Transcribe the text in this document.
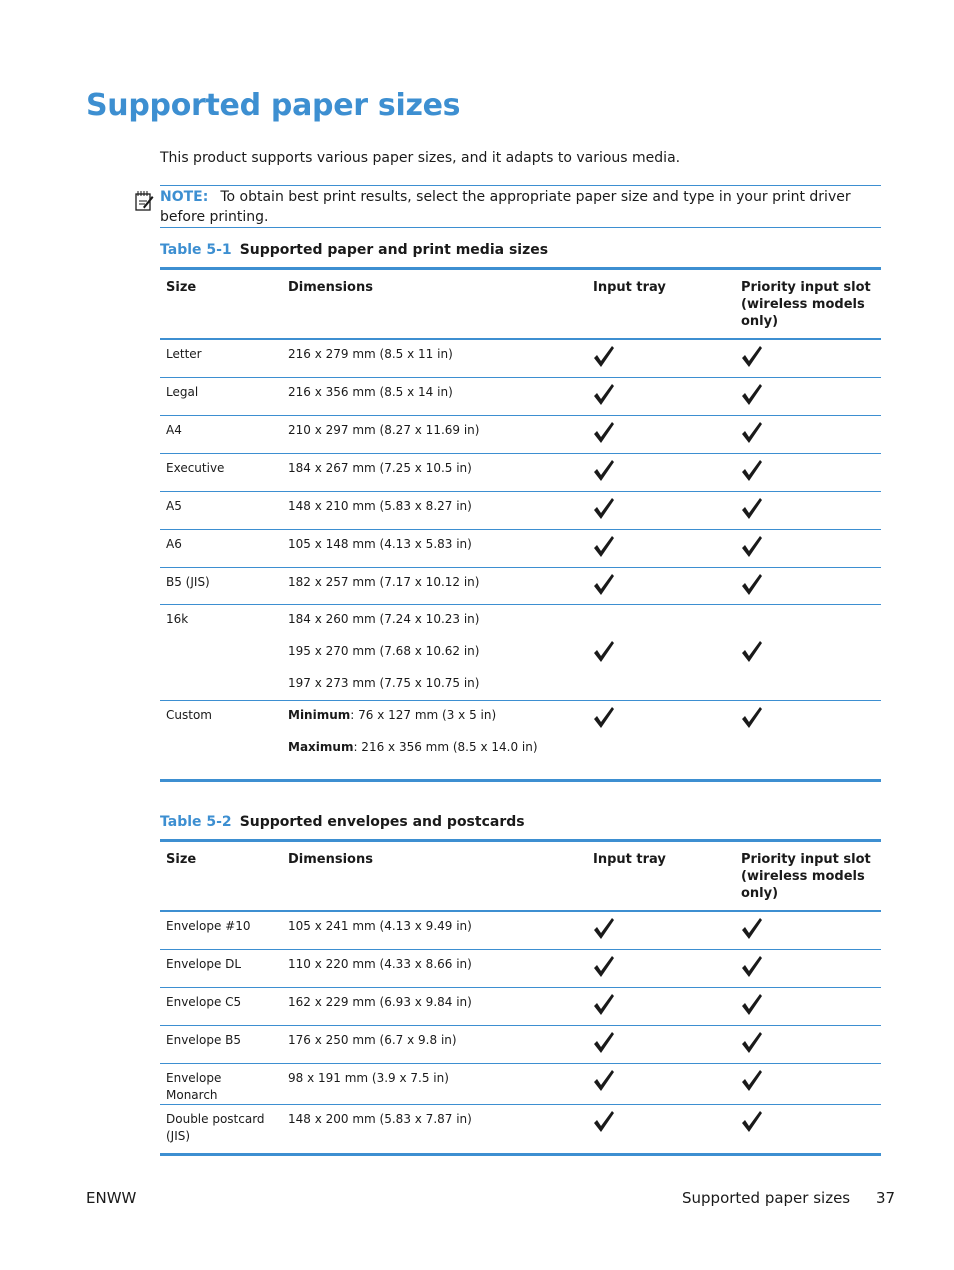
Supported paper sizes

This product supports various paper sizes, and it adapts to various media.

NOTE: To obtain best print results, select the appropriate paper size and type in your print driver before printing.
Table 5-1 Supported paper and print media sizes
Size	Dimensions	Input tray	Priority input slot (wireless models only)
Letter	216 x 279 mm (8.5 x 11 in)

Legal	216 x 356 mm (8.5 x 14 in)

A4	210 x 297 mm (8.27 x 11.69 in)

Executive	184 x 267 mm (7.25 x 10.5 in)

A5	148 x 210 mm (5.83 x 8.27 in)

A6	105 x 148 mm (4.13 x 5.83 in)

B5 (JIS)	182 x 257 mm (7.17 x 10.12 in)

16k	184 x 260 mm (7.24 x 10.23 in)
195 x 270 mm (7.68 x 10.62 in)
197 x 273 mm (7.75 x 10.75 in)

Custom	Minimum: 76 x 127 mm (3 x 5 in)
Maximum: 216 x 356 mm (8.5 x 14.0 in)

Table 5-2 Supported envelopes and postcards
Size	Dimensions	Input tray	Priority input slot (wireless models only)
Envelope #10	105 x 241 mm (4.13 x 9.49 in)

Envelope DL	110 x 220 mm (4.33 x 8.66 in)

Envelope C5	162 x 229 mm (6.93 x 9.84 in)

Envelope B5	176 x 250 mm (6.7 x 9.8 in)

Envelope Monarch	98 x 191 mm (3.9 x 7.5 in)

Double postcard (JIS)	148 x 200 mm (5.83 x 7.87 in)

ENWW	Supported paper sizes 37
